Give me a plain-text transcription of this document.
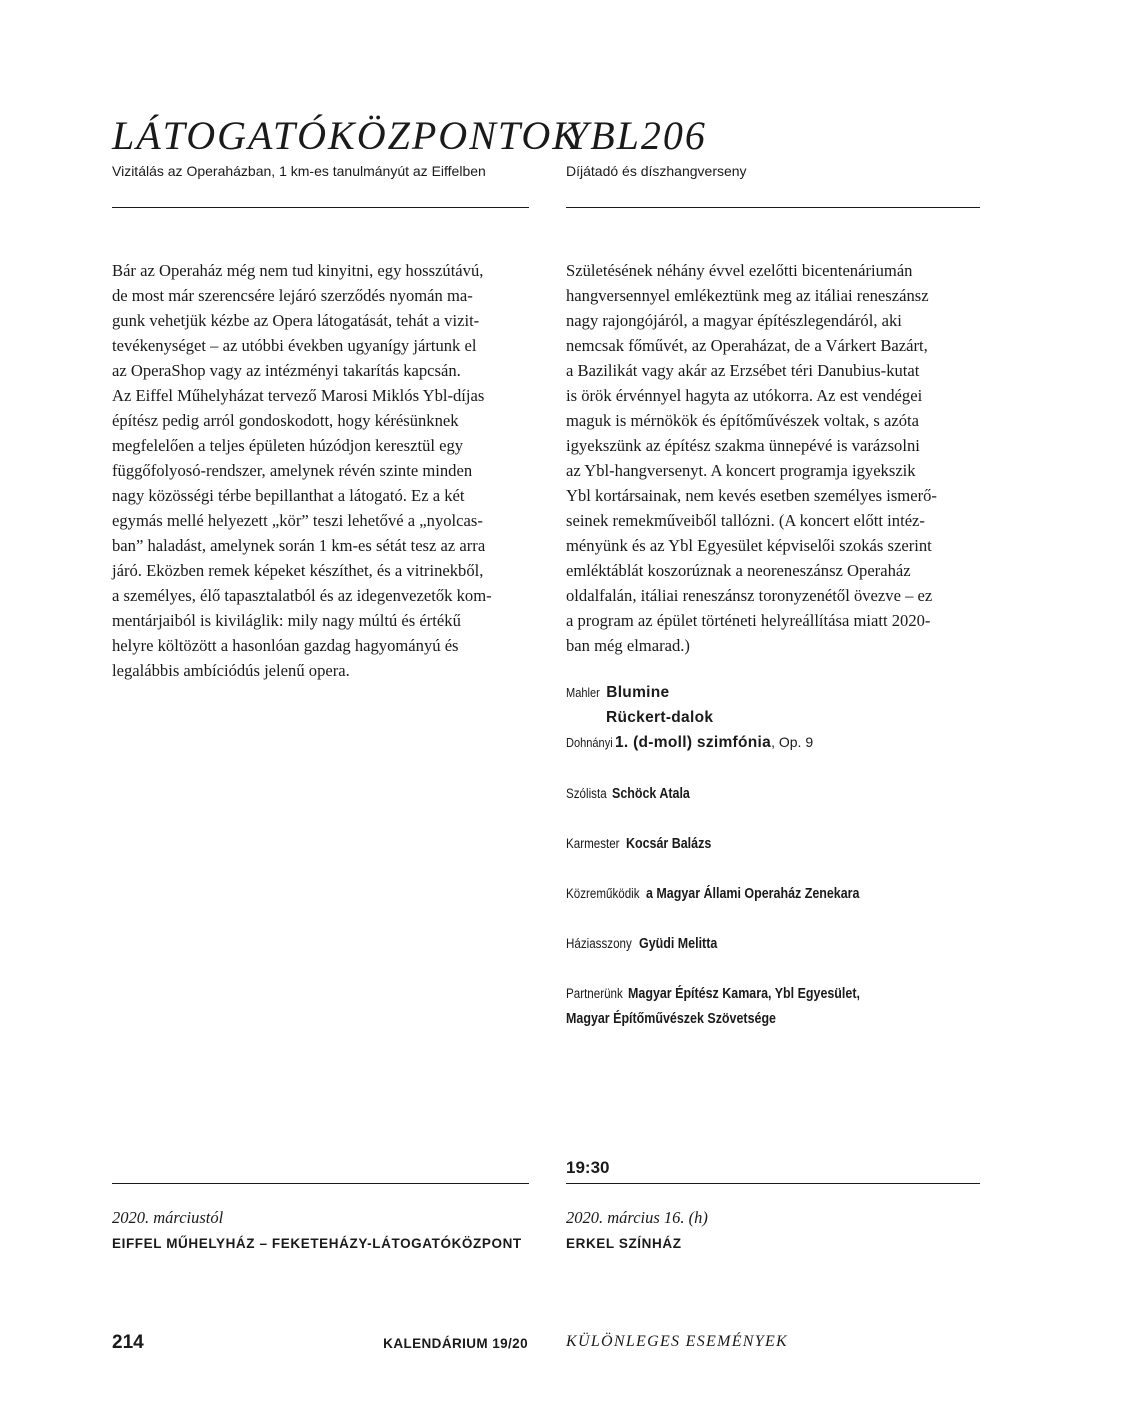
LÁTOGATÓKÖZPONTOK
Vizitálás az Operaházban, 1 km-es tanulmányút az Eiffelben
Bár az Operaház még nem tud kinyitni, egy hosszútávú,
de most már szerencsére lejáró szerződés nyomán ma-
gunk vehetjük kézbe az Opera látogatását, tehát a vizit-
tevékenységet – az utóbbi években ugyanígy jártunk el
az OperaShop vagy az intézményi takarítás kapcsán.
Az Eiffel Műhelyházat tervező Marosi Miklós Ybl-díjas
építész pedig arról gondoskodott, hogy kérésünknek
megfelelően a teljes épületen húzódjon keresztül egy
függőfolyosó-rendszer, amelynek révén szinte minden
nagy közösségi térbe bepillanthat a látogató. Ez a két
egymás mellé helyezett „kör” teszi lehetővé a „nyolcas-
ban” haladást, amelynek során 1 km-es sétát tesz az arra
járó. Eközben remek képeket készíthet, és a vitrinekből,
a személyes, élő tapasztalatból és az idegenvezetők kom-
mentárjaiból is kiviláglik: mily nagy múltú és értékű
helyre költözött a hasonlóan gazdag hagyományú és
legalábbis ambíciódús jelenű opera.
2020. márciustól
EIFFEL MŰHELYHÁZ – FEKETEHÁZY-LÁTOGATÓKÖZPONT
YBL206
Díjátadó és díszhangverseny
Születésének néhány évvel ezelőtti bicentenáriumán
hangversennyel emlékeztünk meg az itáliai reneszánsz
nagy rajongójáról, a magyar építészlegendáról, aki
nemcsak főművét, az Operaházat, de a Várkert Bazárt,
a Bazilikát vagy akár az Erzsébet téri Danubius-kutat
is örök érvénnyel hagyta az utókorra. Az est vendégei
maguk is mérnökök és építőművészek voltak, s azóta
igyekszünk az építész szakma ünnepévé is varázsolni
az Ybl-hangversenyt. A koncert programja igyekszik
Ybl kortársainak, nem kevés esetben személyes ismerő-
seinek remekműveiből tallózni. (A koncert előtt intéz-
ményünk és az Ybl Egyesület képviselői szokás szerint
emléktáblát koszorúznak a neoreneszánsz Operaház
oldalfalán, itáliai reneszánsz toronyzenétől övezve – ez
a program az épület történeti helyreállítása miatt 2020-
ban még elmarad.)
Mahler Blumine
Rückert-dalok
Dohnányi 1. (d-moll) szimfónia, Op. 9
Szólista Schöck Atala
Karmester Kocsár Balázs
Közreműködik a Magyar Állami Operaház Zenekara
Háziasszony Gyüdi Melitta
Partnerünk Magyar Építész Kamara, Ybl Egyesület,
Magyar Építőművészek Szövetsége
19:30
2020. március 16. (h)
ERKEL SZÍNHÁZ
214	KALENDÁRIUM 19/20 KÜLÖNLEGES ESEMÉNYEK
